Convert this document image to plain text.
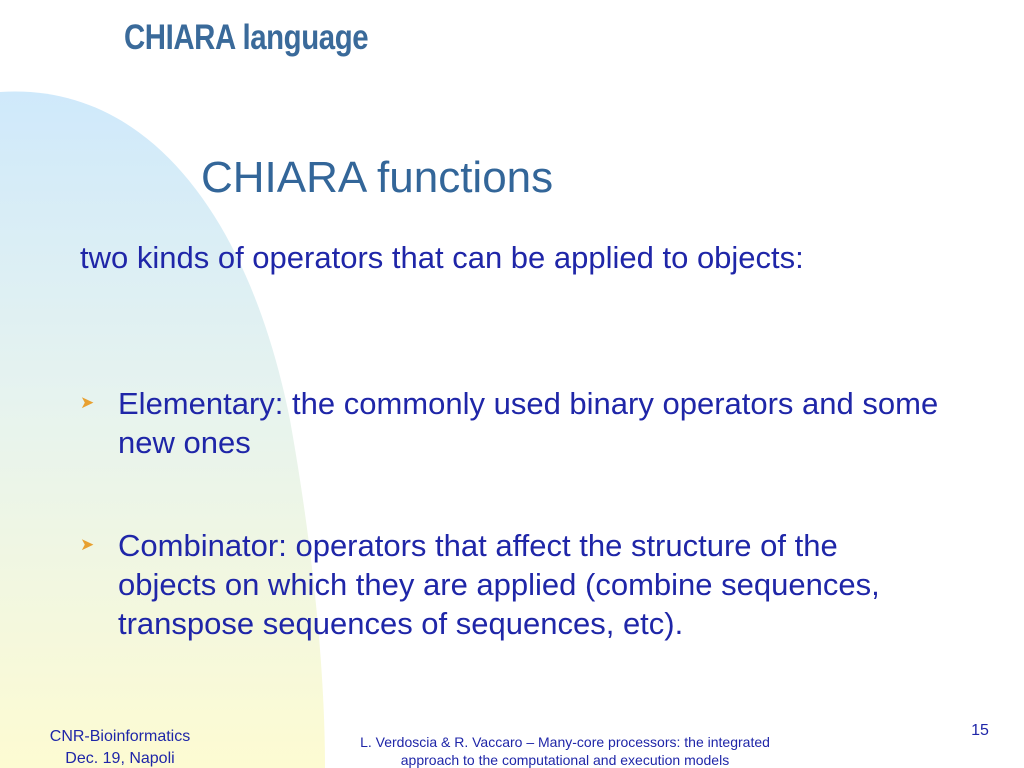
CHIARA language
CHIARA functions

two kinds of operators that can be applied to objects:

➤ Elementary: the commonly used binary operators and some new ones
➤ Combinator: operators that affect the structure of the objects on which they are applied (combine sequences, transpose sequences of sequences, etc).
CNR-Bioinformatics
Dec. 19, Napoli
L. Verdoscia & R. Vaccaro – Many-core processors: the integrated
approach to the computational and execution models
15
